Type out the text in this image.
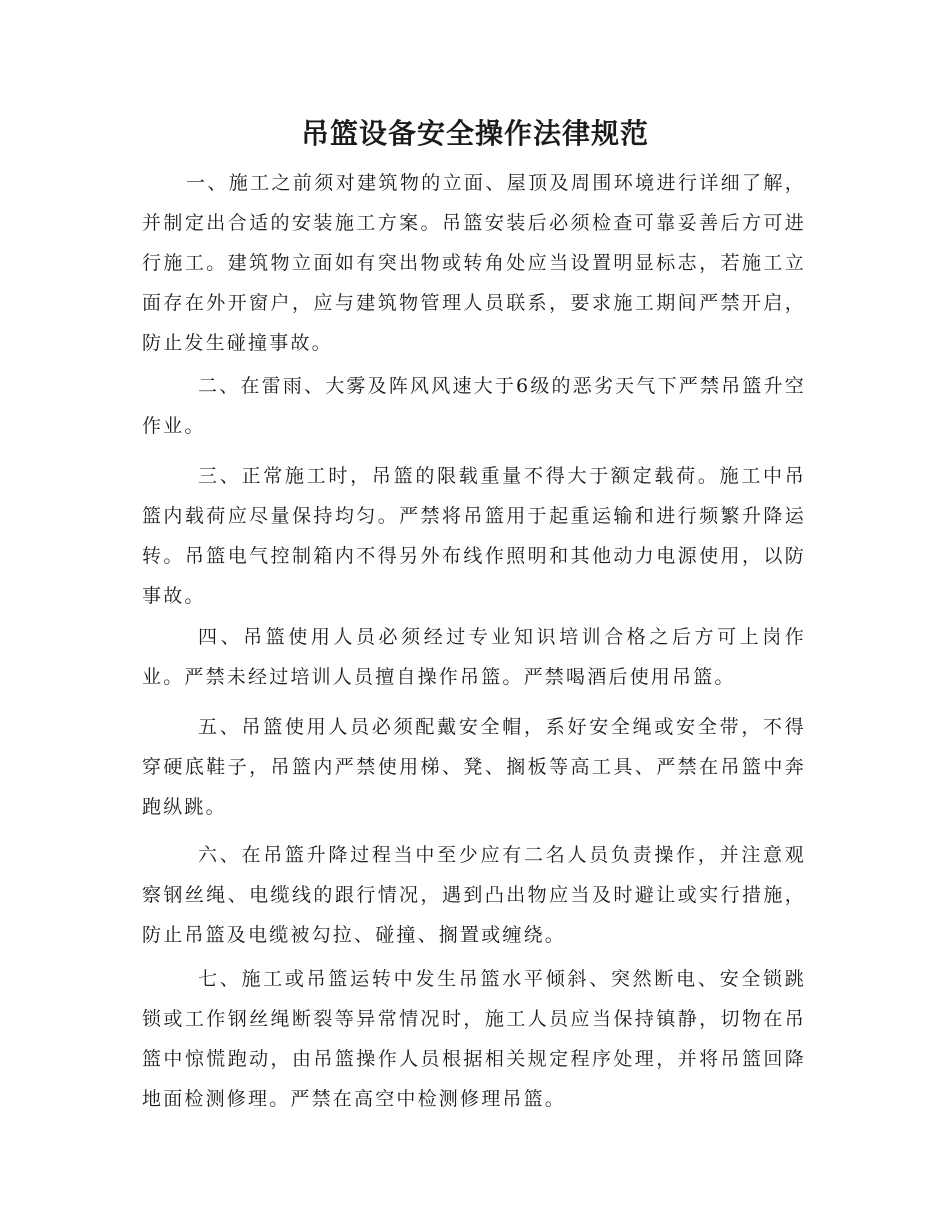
吊篮设备安全操作法律规范

一、施工之前须对建筑物的立面、屋顶及周围环境进行详细了解，并制定出合适的安装施工方案。吊篮安装后必须检查可靠妥善后方可进行施工。建筑物立面如有突出物或转角处应当设置明显标志，若施工立面存在外开窗户，应与建筑物管理人员联系，要求施工期间严禁开启，防止发生碰撞事故。

二、在雷雨、大雾及阵风风速大于6级的恶劣天气下严禁吊篮升空作业。

三、正常施工时，吊篮的限载重量不得大于额定载荷。施工中吊篮内载荷应尽量保持均匀。严禁将吊篮用于起重运输和进行频繁升降运转。吊篮电气控制箱内不得另外布线作照明和其他动力电源使用，以防事故。

四、吊篮使用人员必须经过专业知识培训合格之后方可上岗作业。严禁未经过培训人员擅自操作吊篮。严禁喝酒后使用吊篮。

五、吊篮使用人员必须配戴安全帽，系好安全绳或安全带，不得穿硬底鞋子，吊篮内严禁使用梯、凳、搁板等高工具、严禁在吊篮中奔跑纵跳。

六、在吊篮升降过程当中至少应有二名人员负责操作，并注意观察钢丝绳、电缆线的跟行情况，遇到凸出物应当及时避让或实行措施，防止吊篮及电缆被勾拉、碰撞、搁置或缠绕。

七、施工或吊篮运转中发生吊篮水平倾斜、突然断电、安全锁跳锁或工作钢丝绳断裂等异常情况时，施工人员应当保持镇静，切物在吊篮中惊慌跑动，由吊篮操作人员根据相关规定程序处理，并将吊篮回降地面检测修理。严禁在高空中检测修理吊篮。
